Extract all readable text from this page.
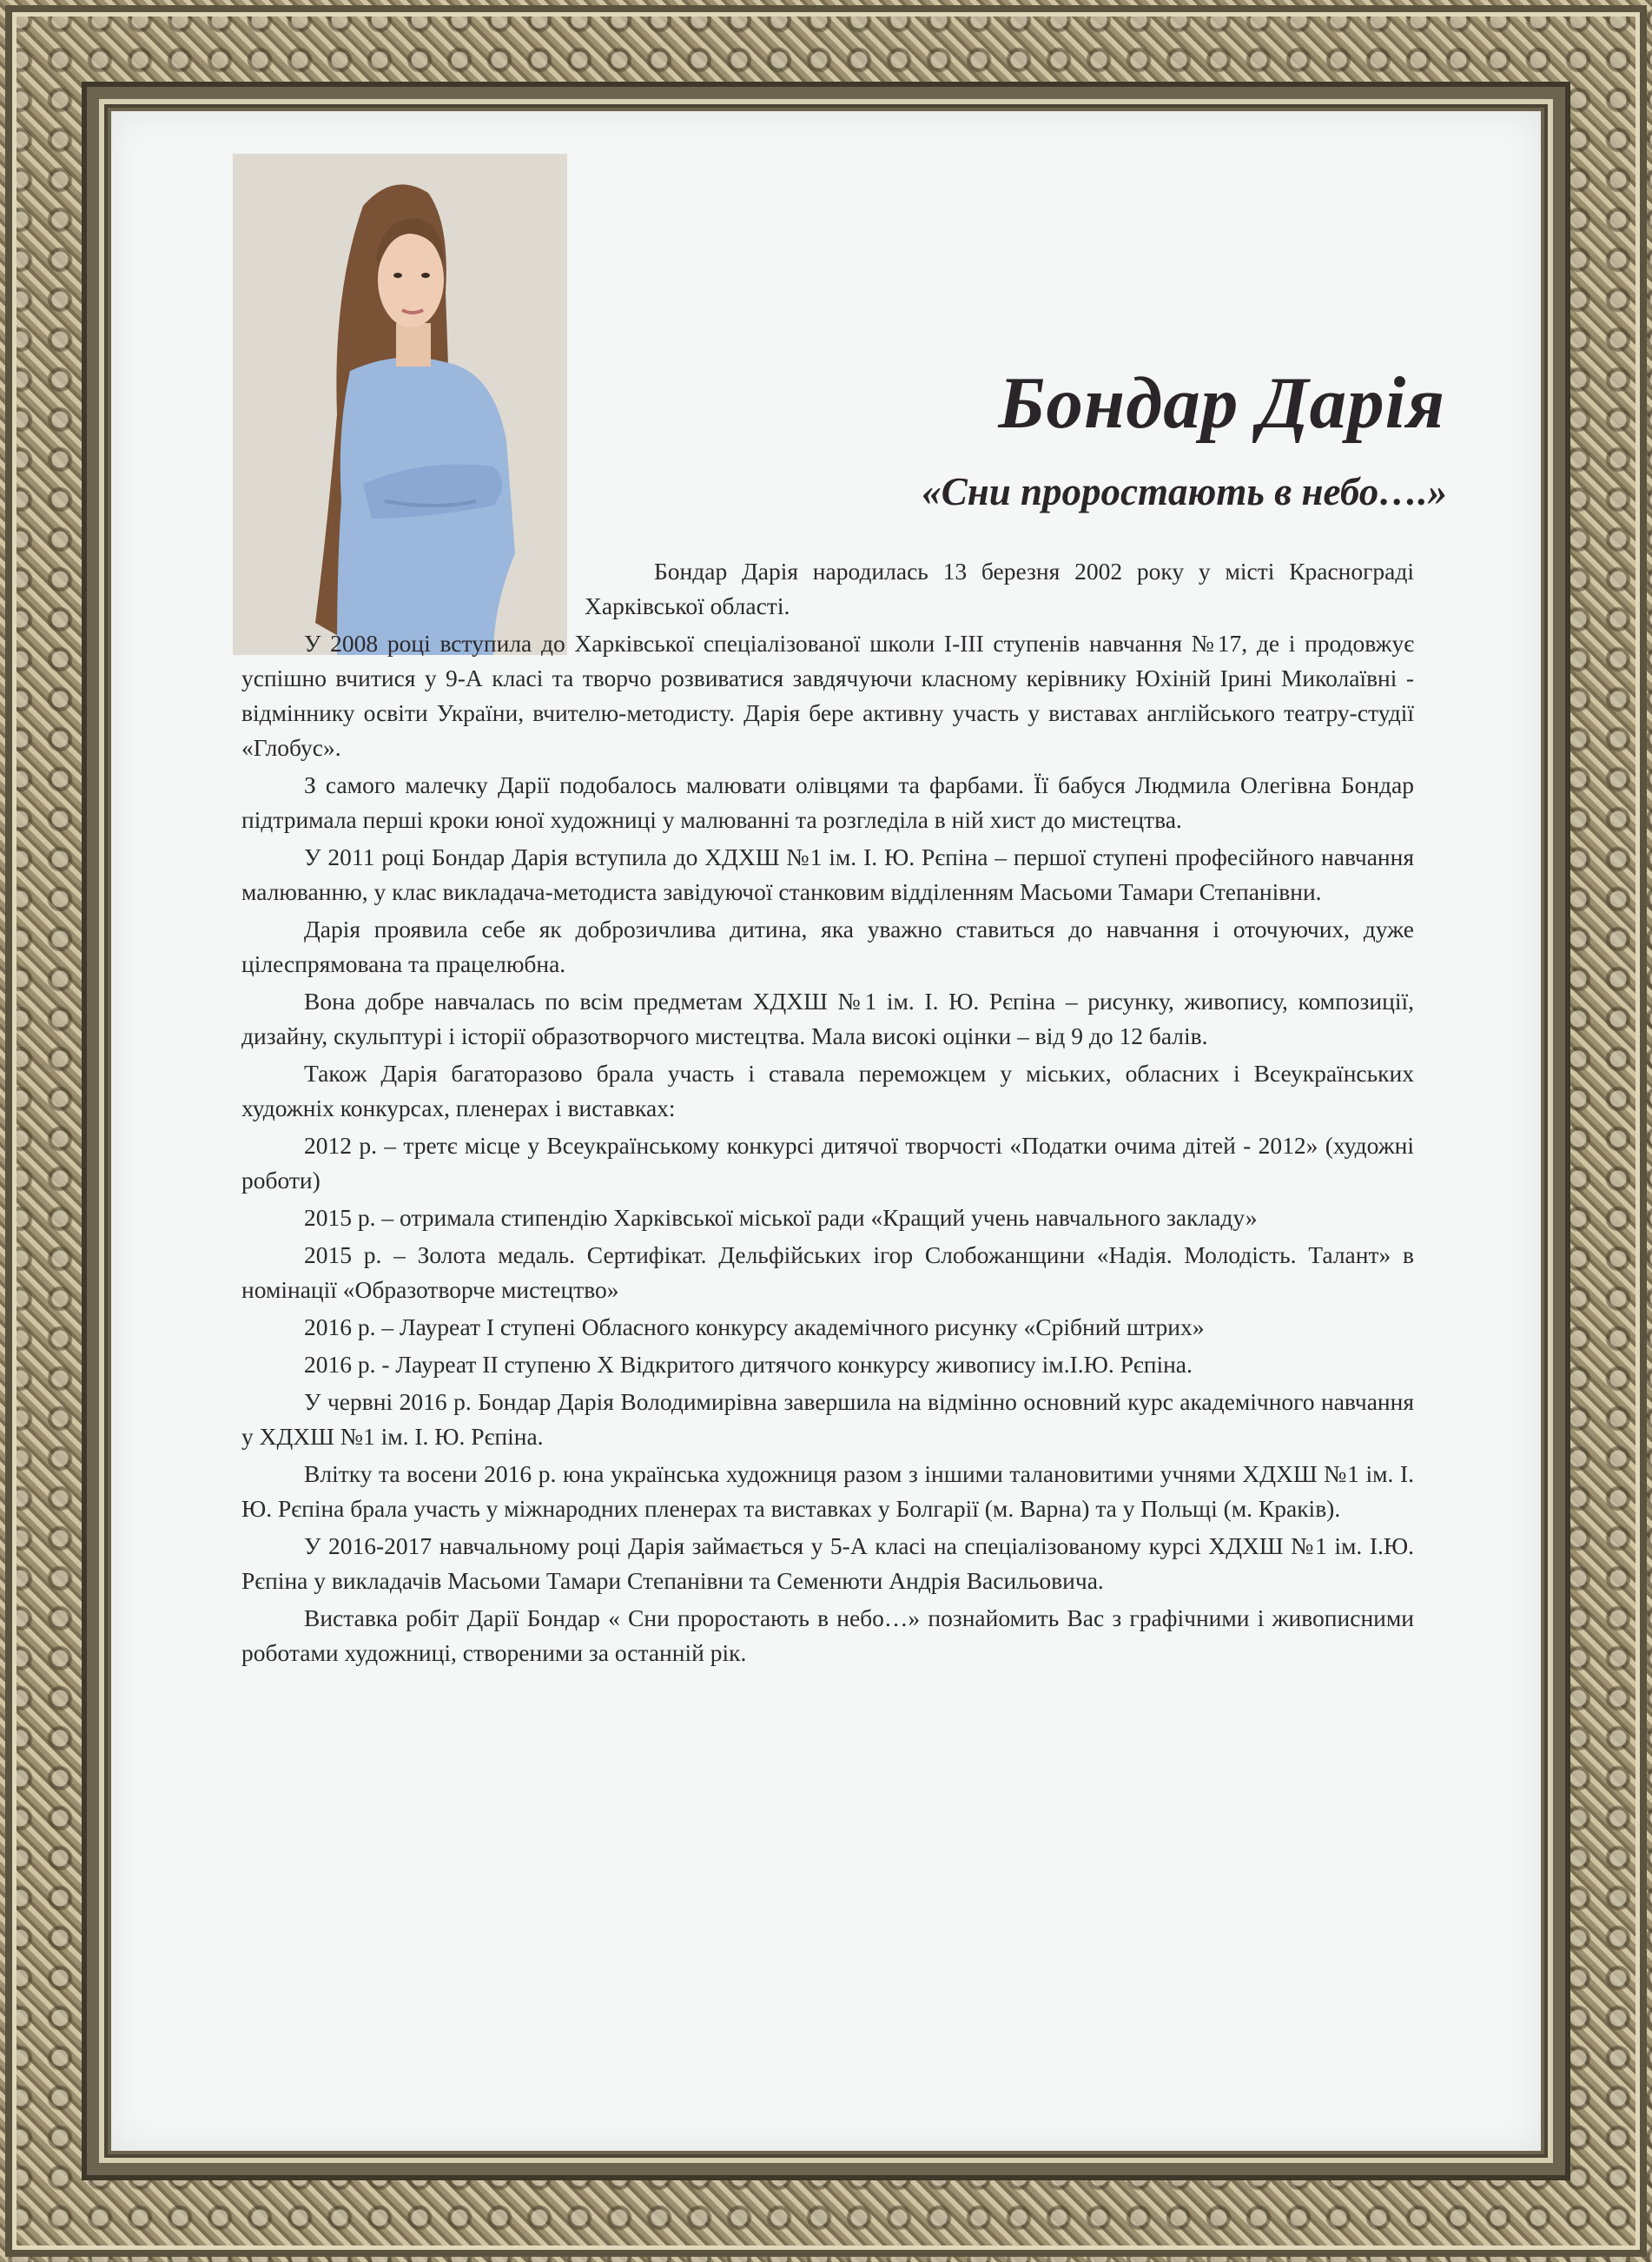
Бондар Дарія
«Сни проростають в небо….»

Бондар Дарія народилась 13 березня 2002 року у місті Краснограді Харківської області.

У 2008 році вступила до Харківської спеціалізованої школи І-ІІІ ступенів навчання №17, де і продовжує успішно вчитися у 9-А класі та творчо розвиватися завдячуючи класному керівнику Юхіній Ірині Миколаївні - відміннику освіти України, вчителю-методисту. Дарія бере активну участь у виставах англійського театру-студії «Глобус».

З самого малечку Дарії подобалось малювати олівцями та фарбами. Її бабуся Людмила Олегівна Бондар підтримала перші кроки юної художниці у малюванні та розгледіла в ній хист до мистецтва.

У 2011 році Бондар Дарія вступила до ХДХШ №1 ім. І. Ю. Рєпіна – першої ступені професійного навчання малюванню, у клас викладача-методиста завідуючої станковим відділенням Масьоми Тамари Степанівни.

Дарія проявила себе як доброзичлива дитина, яка уважно ставиться до навчання і оточуючих, дуже цілеспрямована та працелюбна.

Вона добре навчалась по всім предметам ХДХШ №1 ім. І. Ю. Рєпіна – рисунку, живопису, композиції, дизайну, скульптурі і історії образотворчого мистецтва. Мала високі оцінки – від 9 до 12 балів.

Також Дарія багаторазово брала участь і ставала переможцем у міських, обласних і Всеукраїнських художніх конкурсах, пленерах і виставках:

2012 р. – третє місце у Всеукраїнському конкурсі дитячої творчості «Податки очима дітей - 2012» (художні роботи)

2015 р. – отримала стипендію Харківської міської ради «Кращий учень навчального закладу»

2015 р. – Золота медаль. Сертифікат. Дельфійських ігор Слобожанщини «Надія. Молодість. Талант» в номінації «Образотворче мистецтво»

2016 р. – Лауреат І ступені Обласного конкурсу академічного рисунку «Срібний штрих»

2016 р. - Лауреат ІІ ступеню Х Відкритого дитячого конкурсу живопису ім.І.Ю. Рєпіна.

У червні 2016 р. Бондар Дарія Володимирівна завершила на відмінно основний курс академічного навчання у ХДХШ №1 ім. І. Ю. Рєпіна.

Влітку та восени 2016 р. юна українська художниця разом з іншими талановитими учнями ХДХШ №1 ім. І. Ю. Рєпіна брала участь у міжнародних пленерах та виставках у Болгарії (м. Варна) та у Польщі (м. Краків).

У 2016-2017 навчальному році Дарія займається у 5-А класі на спеціалізованому курсі ХДХШ №1 ім. І.Ю. Рєпіна у викладачів Масьоми Тамари Степанівни та Семенюти Андрія Васильовича.

Виставка робіт Дарії Бондар « Сни проростають в небо…» познайомить Вас з графічними і живописними роботами художниці, створеними за останній рік.
